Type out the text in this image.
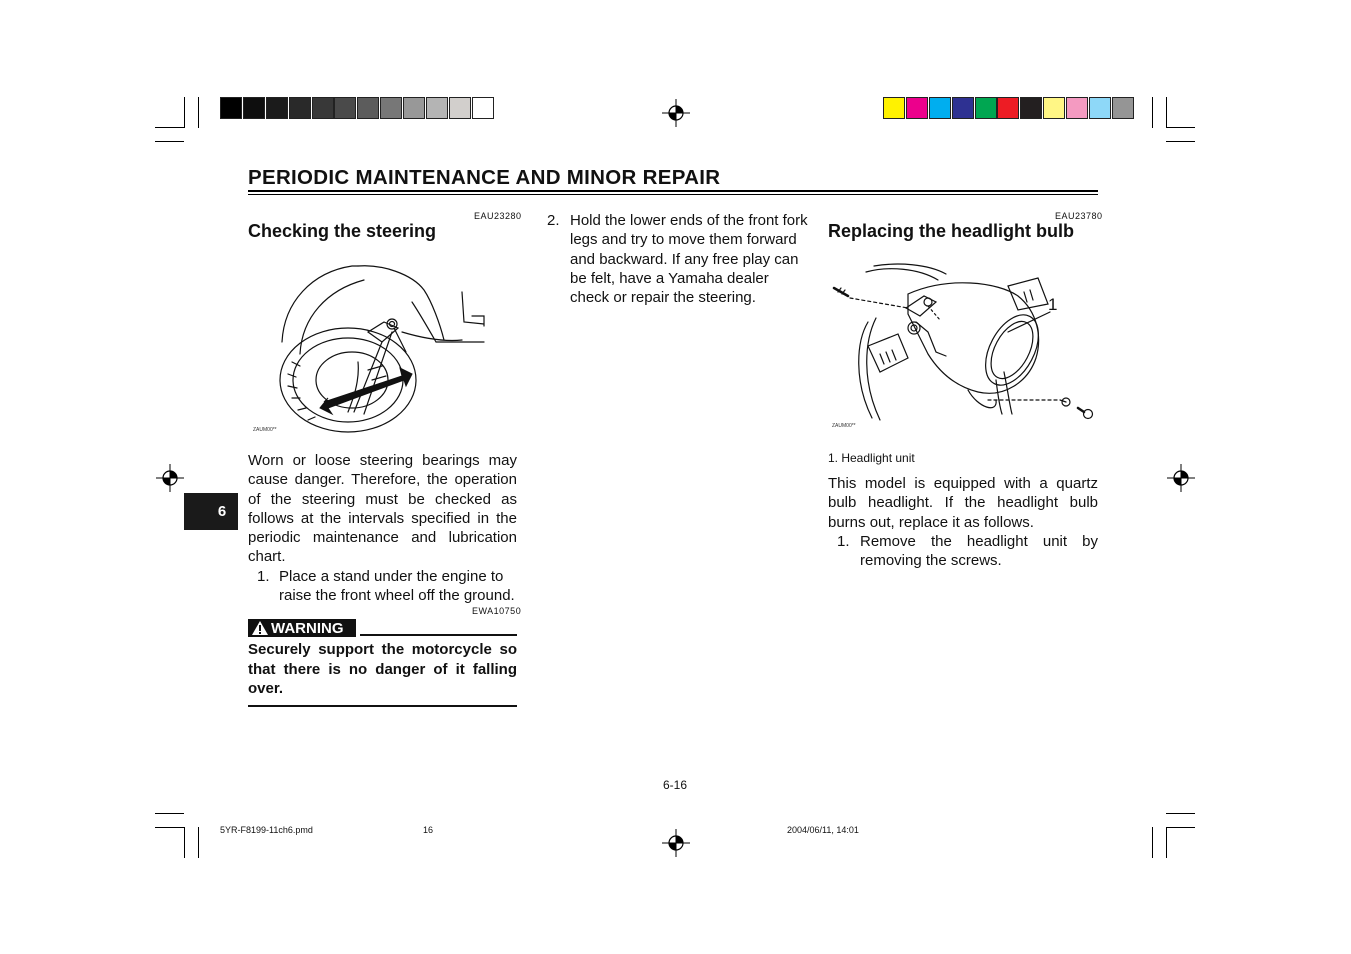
PERIODIC MAINTENANCE AND MINOR REPAIR
EAU23280
Checking the steering
ZAUM00**
Worn or loose steering bearings may cause danger. Therefore, the operation of the steering must be checked as follows at the intervals specified in the periodic maintenance and lubrication chart.
1. Place a stand under the engine to raise the front wheel off the ground.
EWA10750
WARNING
Securely support the motorcycle so that there is no danger of it falling over.
2. Hold the lower ends of the front fork legs and try to move them forward and backward. If any free play can be felt, have a Yamaha dealer check or repair the steering.
EAU23780
Replacing the headlight bulb
1
ZAUM00**
1. Headlight unit
This model is equipped with a quartz bulb headlight. If the headlight bulb burns out, replace it as follows.
1. Remove the headlight unit by removing the screws.
6
6-16
5YR-F8199-11ch6.pmd	16	2004/06/11, 14:01
